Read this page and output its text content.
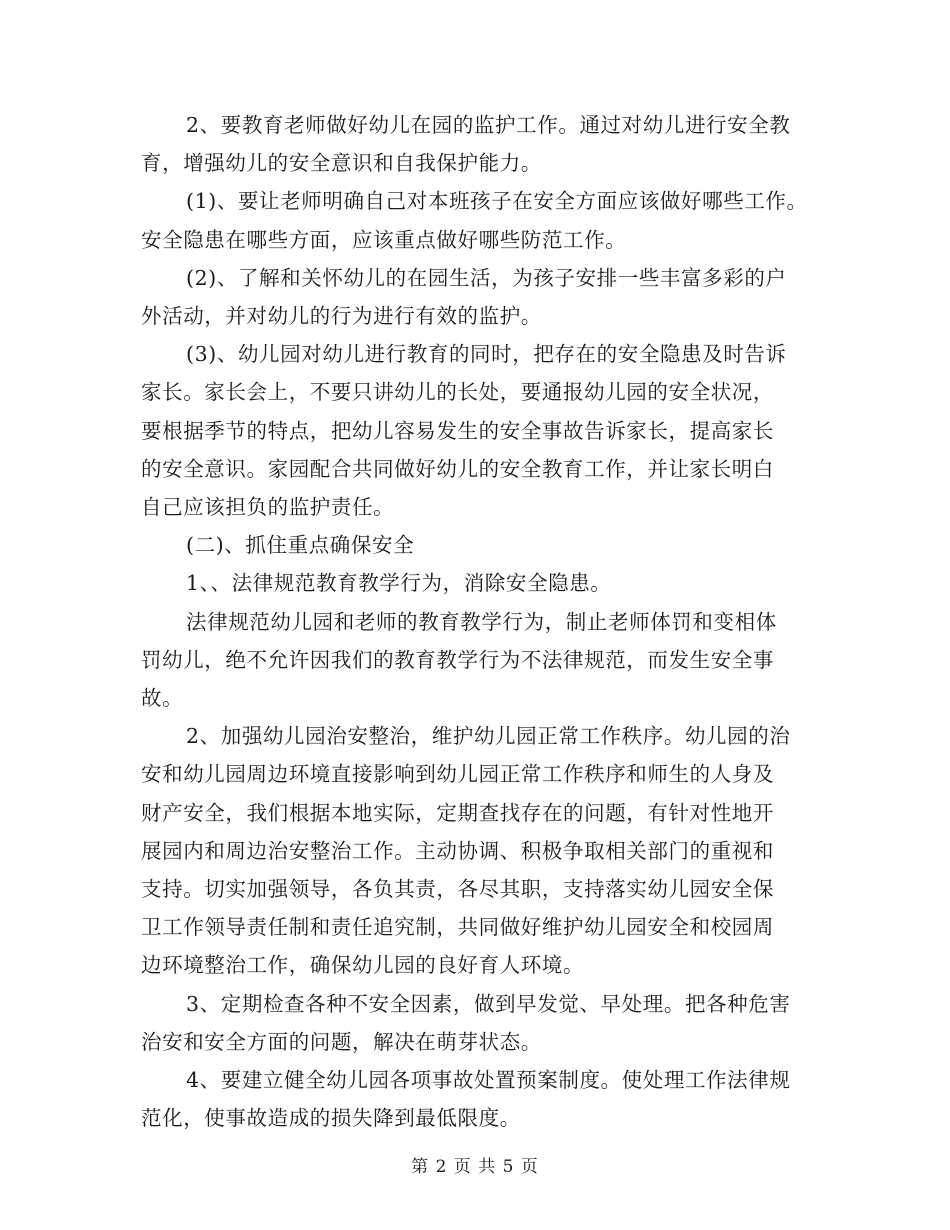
2、要教育老师做好幼儿在园的监护工作。通过对幼儿进行安全教
育，增强幼儿的安全意识和自我保护能力。

(1)、要让老师明确自己对本班孩子在安全方面应该做好哪些工作。
安全隐患在哪些方面，应该重点做好哪些防范工作。

(2)、了解和关怀幼儿的在园生活，为孩子安排一些丰富多彩的户
外活动，并对幼儿的行为进行有效的监护。

(3)、幼儿园对幼儿进行教育的同时，把存在的安全隐患及时告诉
家长。家长会上，不要只讲幼儿的长处，要通报幼儿园的安全状况，
要根据季节的特点，把幼儿容易发生的安全事故告诉家长，提高家长
的安全意识。家园配合共同做好幼儿的安全教育工作，并让家长明白
自己应该担负的监护责任。

(二)、抓住重点确保安全

1、、法律规范教育教学行为，消除安全隐患。

法律规范幼儿园和老师的教育教学行为，制止老师体罚和变相体
罚幼儿，绝不允许因我们的教育教学行为不法律规范，而发生安全事
故。

2、加强幼儿园治安整治，维护幼儿园正常工作秩序。幼儿园的治
安和幼儿园周边环境直接影响到幼儿园正常工作秩序和师生的人身及
财产安全，我们根据本地实际，定期查找存在的问题，有针对性地开
展园内和周边治安整治工作。主动协调、积极争取相关部门的重视和
支持。切实加强领导，各负其责，各尽其职，支持落实幼儿园安全保
卫工作领导责任制和责任追究制，共同做好维护幼儿园安全和校园周
边环境整治工作，确保幼儿园的良好育人环境。

3、定期检查各种不安全因素，做到早发觉、早处理。把各种危害
治安和安全方面的问题，解决在萌芽状态。

4、要建立健全幼儿园各项事故处置预案制度。使处理工作法律规
范化，使事故造成的损失降到最低限度。

第 2 页 共 5 页
